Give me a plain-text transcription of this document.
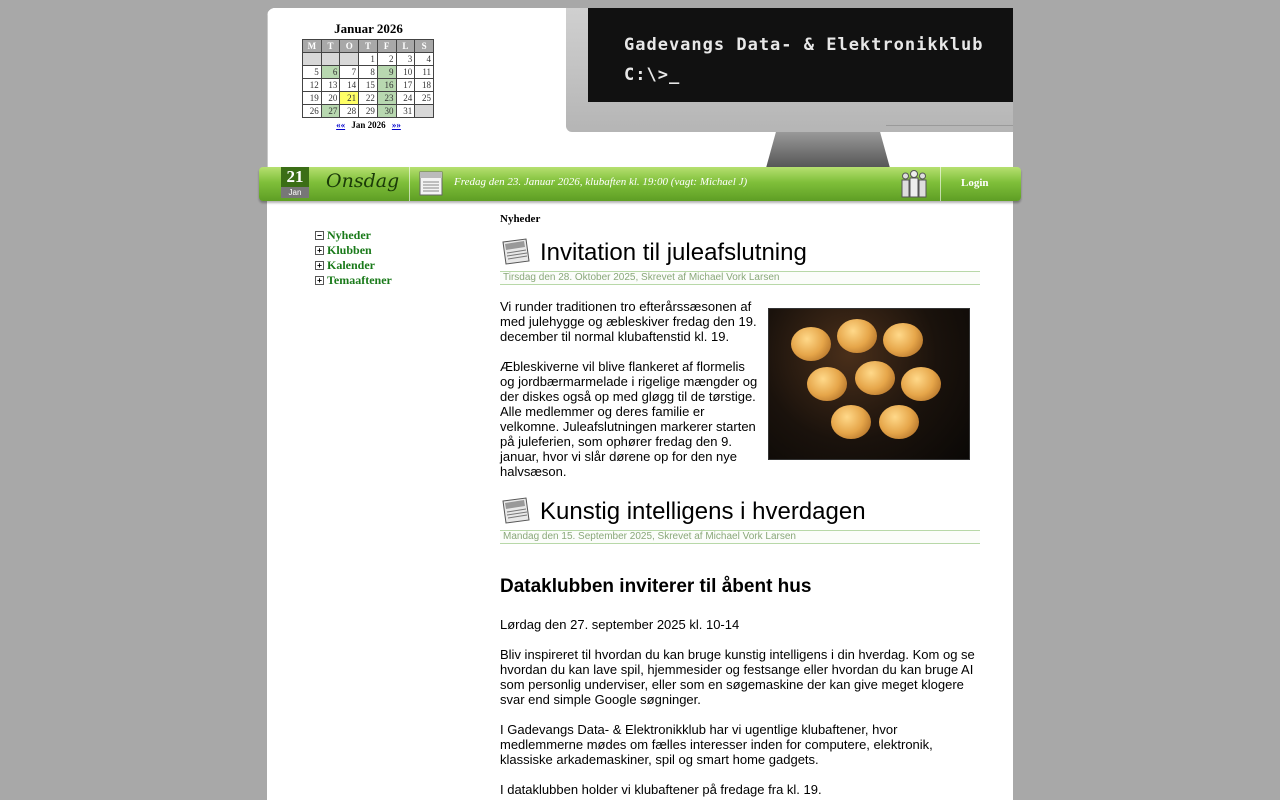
Januar 2026
M	T	O	T	F	L	S
			1	2	3	4
5	6	7	8	9	10	11
12	13	14	15	16	17	18
19	20	21	22	23	24	25
26	27	28	29	30	31	
«« Jan 2026 »»
Gadevangs Data- & Elektronikklub
C:\>_
21
Jan
Onsdag	Fredag den 23. Januar 2026, klubaften kl. 19:00 (vagt: Michael J)	Login
− Nyheder
+ Klubben
+ Kalender
+ Temaaftener
Nyheder
Invitation til juleafslutning
Tirsdag den 28. Oktober 2025, Skrevet af Michael Vork Larsen

Vi runder traditionen tro efterårssæsonen af med julehygge og æbleskiver fredag den 19. december til normal klubaftenstid kl. 19.

Æbleskiverne vil blive flankeret af flormelis og jordbærmarmelade i rigelige mængder og der diskes også op med gløgg til de tørstige. Alle medlemmer og deres familie er velkomne. Juleafslutningen markerer starten på juleferien, som ophører fredag den 9. januar, hvor vi slår dørene op for den nye halvsæson.

Kunstig intelligens i hverdagen
Mandag den 15. September 2025, Skrevet af Michael Vork Larsen
Dataklubben inviterer til åbent hus

Lørdag den 27. september 2025 kl. 10-14

Bliv inspireret til hvordan du kan bruge kunstig intelligens i din hverdag. Kom og se hvordan du kan lave spil, hjemmesider og festsange eller hvordan du kan bruge AI som personlig underviser, eller som en søgemaskine der kan give meget klogere svar end simple Google søgninger.

I Gadevangs Data- & Elektronikklub har vi ugentlige klubaftener, hvor medlemmerne mødes om fælles interesser inden for computere, elektronik, klassiske arkademaskiner, spil og smart home gadgets.

I dataklubben holder vi klubaftener på fredage fra kl. 19.
